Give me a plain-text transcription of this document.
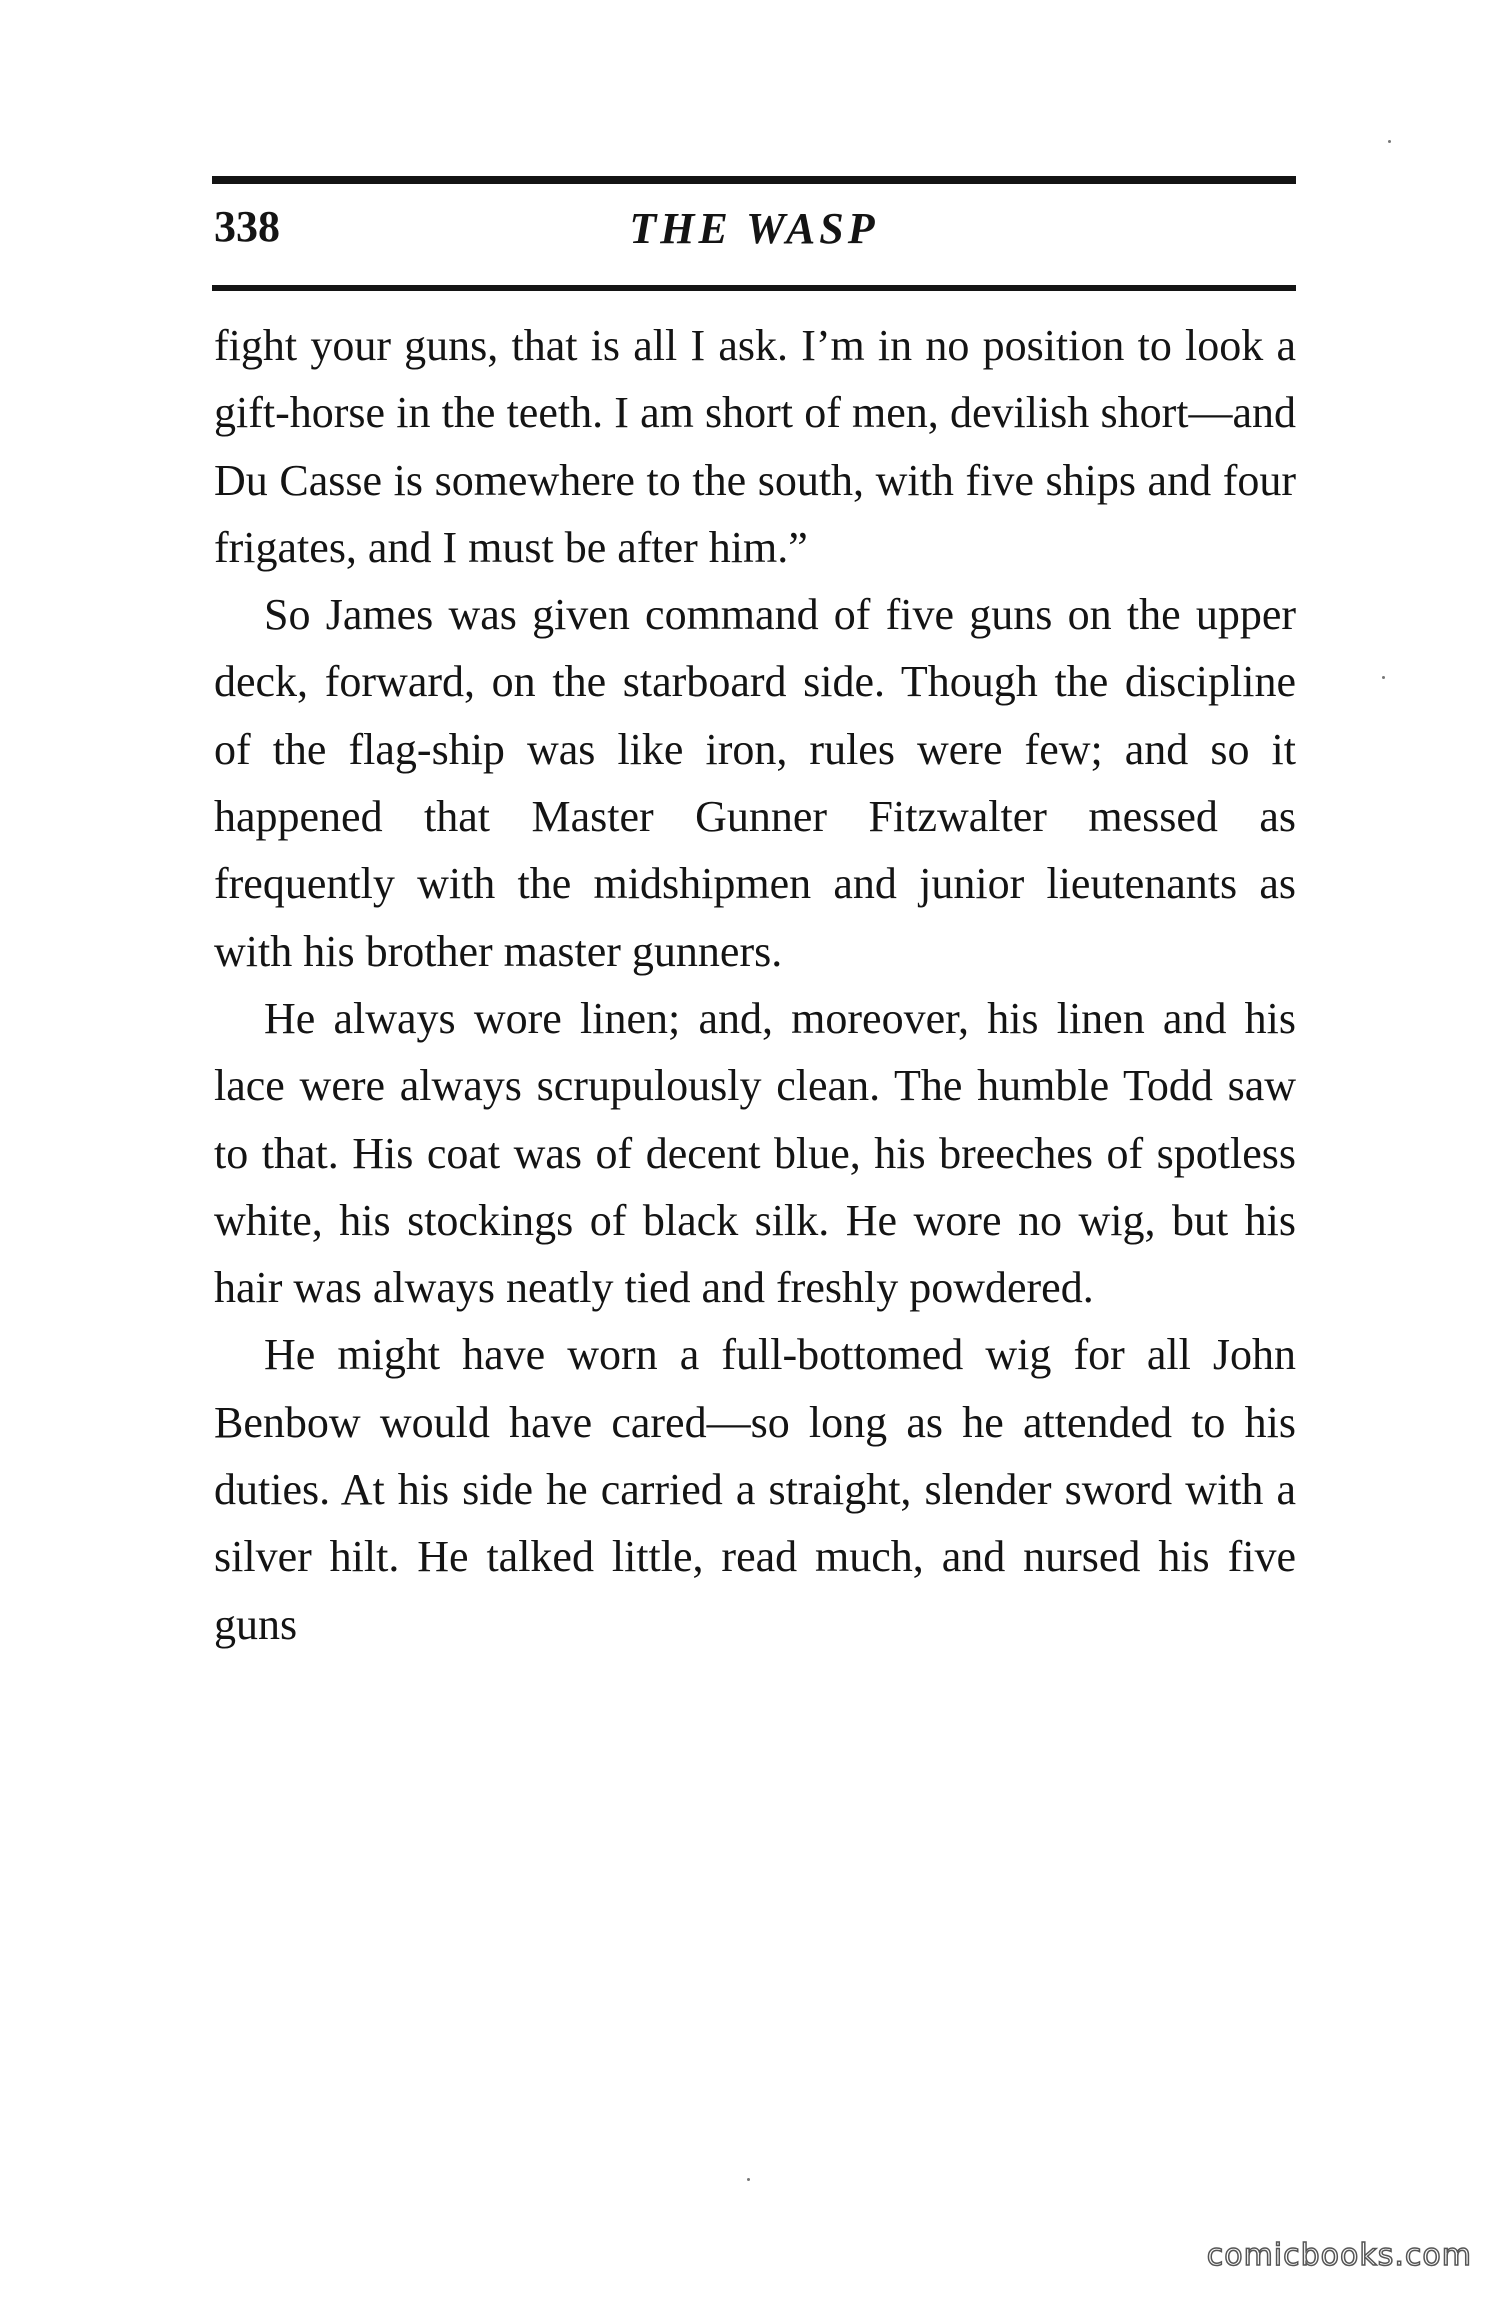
338	THE WASP

fight your guns, that is all I ask. I’m in no position to look a gift-horse in the teeth. I am short of men, devilish short—and Du Casse is somewhere to the south, with five ships and four frigates, and I must be after him.”

So James was given command of five guns on the upper deck, forward, on the starboard side. Though the discipline of the flag-ship was like iron, rules were few; and so it happened that Master Gunner Fitzwalter messed as frequently with the midshipmen and junior lieutenants as with his brother master gunners.

He always wore linen; and, moreover, his linen and his lace were always scrupulously clean. The humble Todd saw to that. His coat was of decent blue, his breeches of spotless white, his stockings of black silk. He wore no wig, but his hair was always neatly tied and freshly powdered.

He might have worn a full-bottomed wig for all John Benbow would have cared—so long as he attended to his duties. At his side he carried a straight, slender sword with a silver hilt. He talked little, read much, and nursed his five guns

comicbooks.com
